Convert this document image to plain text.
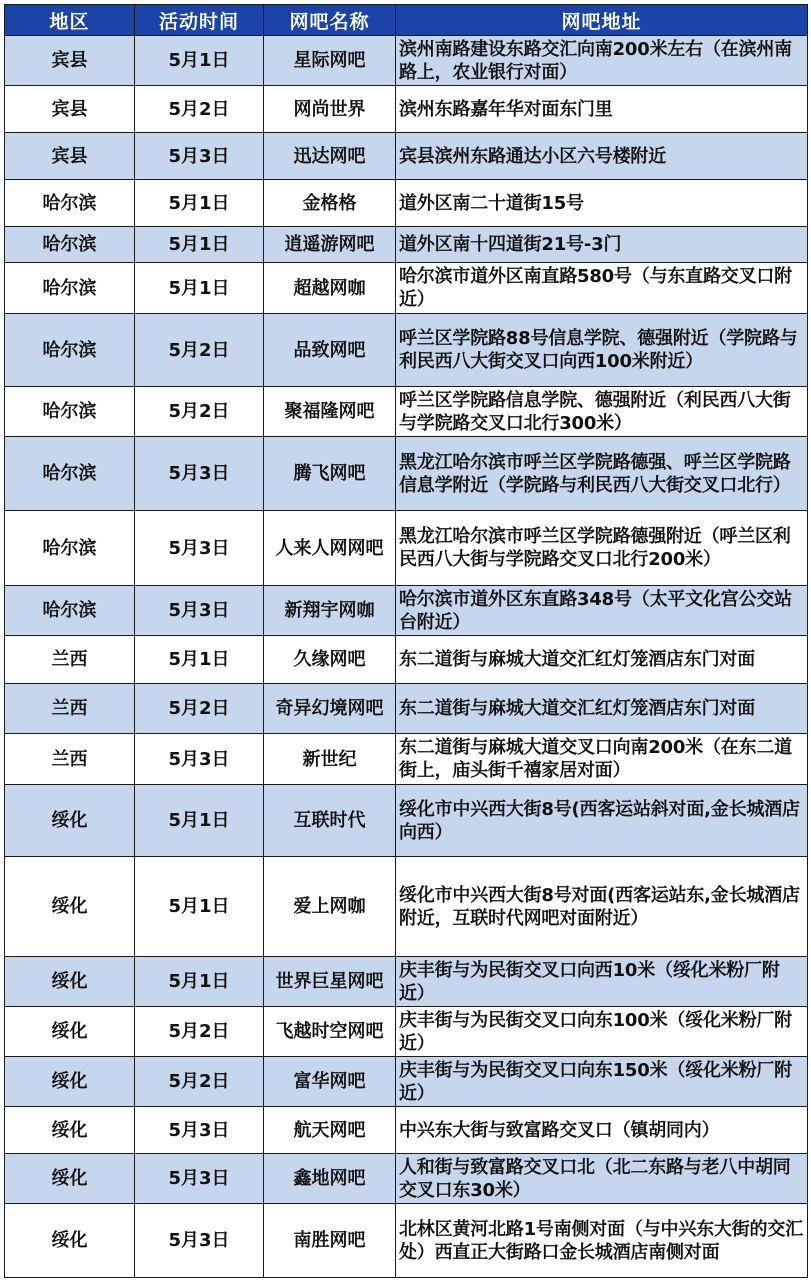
地区	活动时间	网吧名称	网吧地址
宾县	5月1日	星际网吧	滨州南路建设东路交汇向南200米左右（在滨州南路上，农业银行对面）
宾县	5月2日	网尚世界	滨州东路嘉年华对面东门里
宾县	5月3日	迅达网吧	宾县滨州东路通达小区六号楼附近
哈尔滨	5月1日	金格格	道外区南二十道街15号
哈尔滨	5月1日	逍遥游网吧	道外区南十四道街21号-3门
哈尔滨	5月1日	超越网咖	哈尔滨市道外区南直路580号（与东直路交叉口附近）
哈尔滨	5月2日	品致网吧	呼兰区学院路88号信息学院、德强附近（学院路与利民西八大街交叉口向西100米附近）
哈尔滨	5月2日	聚福隆网吧	呼兰区学院路信息学院、德强附近（利民西八大街与学院路交叉口北行300米）
哈尔滨	5月3日	腾飞网吧	黑龙江哈尔滨市呼兰区学院路德强、呼兰区学院路信息学附近（学院路与利民西八大街交叉口北行）
哈尔滨	5月3日	人来人网网吧	黑龙江哈尔滨市呼兰区学院路德强附近（呼兰区利民西八大街与学院路交叉口北行200米）
哈尔滨	5月3日	新翔宇网咖	哈尔滨市道外区东直路348号（太平文化宫公交站台附近）
兰西	5月1日	久缘网吧	东二道街与麻城大道交汇红灯笼酒店东门对面
兰西	5月2日	奇异幻境网吧	东二道街与麻城大道交汇红灯笼酒店东门对面
兰西	5月3日	新世纪	东二道街与麻城大道交叉口向南200米（在东二道街上，庙头街千禧家居对面）
绥化	5月1日	互联时代	绥化市中兴西大街8号(西客运站斜对面,金长城酒店向西）
绥化	5月1日	爱上网咖	绥化市中兴西大街8号对面(西客运站东,金长城酒店附近，互联时代网吧对面附近）
绥化	5月1日	世界巨星网吧	庆丰街与为民街交叉口向西10米（绥化米粉厂附近）
绥化	5月2日	飞越时空网吧	庆丰街与为民街交叉口向东100米（绥化米粉厂附近）
绥化	5月2日	富华网吧	庆丰街与为民街交叉口向东150米（绥化米粉厂附近）
绥化	5月3日	航天网吧	中兴东大街与致富路交叉口（镇胡同内）
绥化	5月3日	鑫地网吧	人和街与致富路交叉口北（北二东路与老八中胡同交叉口东30米）
绥化	5月3日	南胜网吧	北林区黄河北路1号南侧对面（与中兴东大街的交汇处）西直正大街路口金长城酒店南侧对面
